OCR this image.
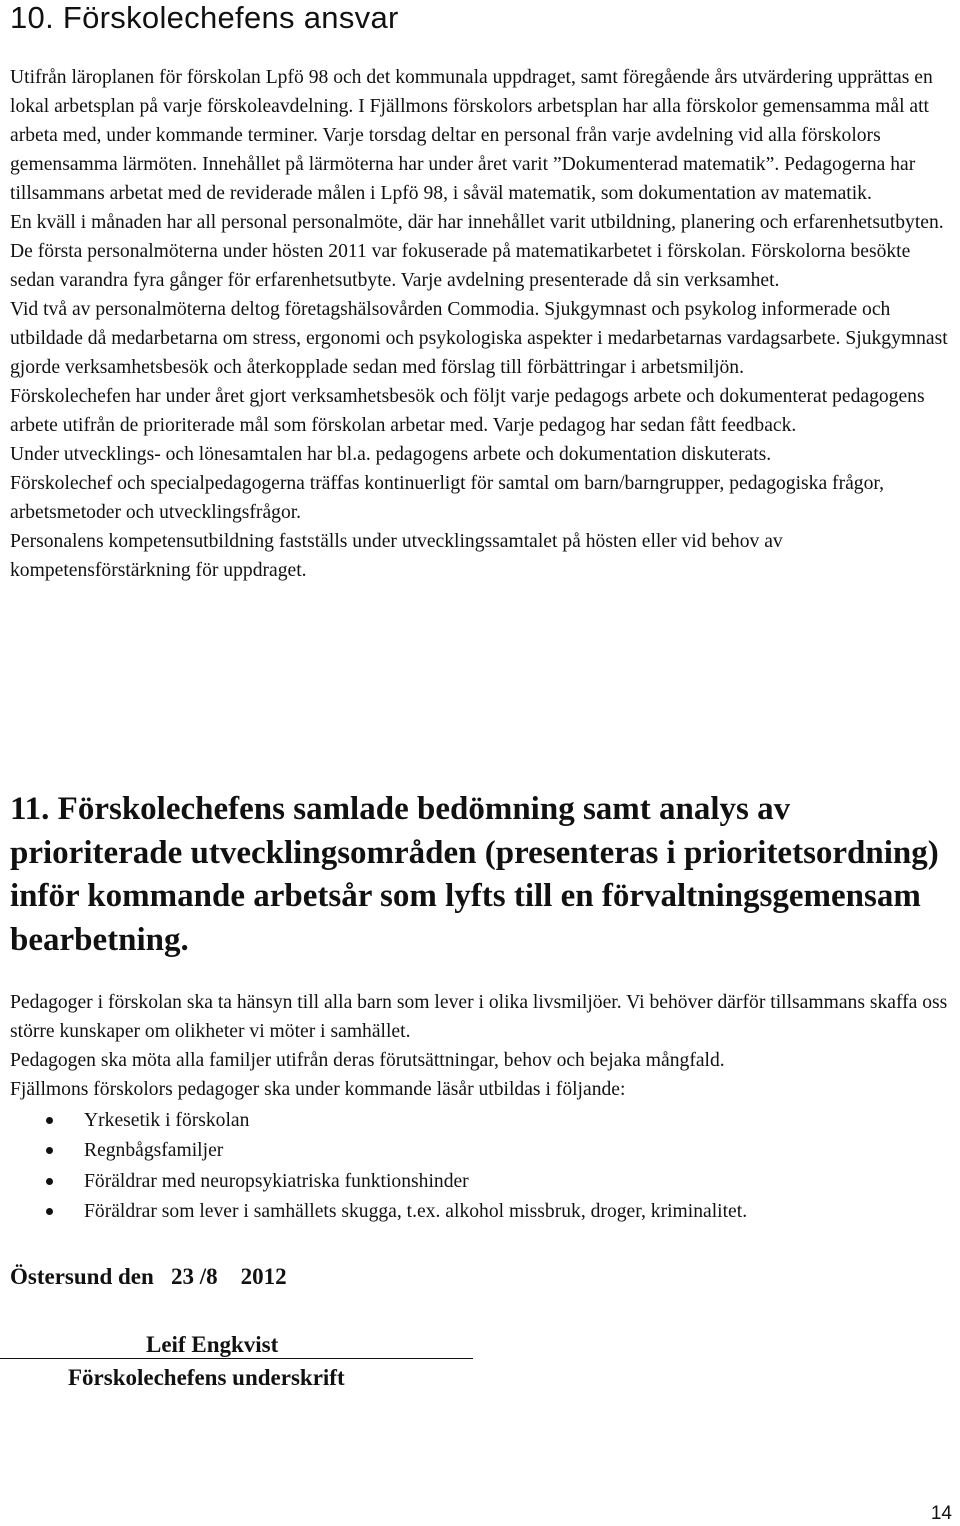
10. Förskolechefens ansvar

Utifrån läroplanen för förskolan Lpfö 98 och det kommunala uppdraget, samt föregående års utvärdering upprättas en lokal arbetsplan på varje förskoleavdelning. I Fjällmons förskolors arbetsplan har alla förskolor gemensamma mål att arbeta med, under kommande terminer. Varje torsdag deltar en personal från varje avdelning vid alla förskolors gemensamma lärmöten. Innehållet på lärmöterna har under året varit ”Dokumenterad matematik”. Pedagogerna har tillsammans arbetat med de reviderade målen i Lpfö 98, i såväl matematik, som dokumentation av matematik.

En kväll i månaden har all personal personalmöte, där har innehållet varit utbildning, planering och erfarenhetsutbyten. De första personalmöterna under hösten 2011 var fokuserade på matematikarbetet i förskolan. Förskolorna besökte sedan varandra fyra gånger för erfarenhetsutbyte. Varje avdelning presenterade då sin verksamhet.

Vid två av personalmöterna deltog företagshälsovården Commodia. Sjukgymnast och psykolog informerade och utbildade då medarbetarna om stress, ergonomi och psykologiska aspekter i medarbetarnas vardagsarbete. Sjukgymnast gjorde verksamhetsbesök och återkopplade sedan med förslag till förbättringar i arbetsmiljön.

Förskolechefen har under året gjort verksamhetsbesök och följt varje pedagogs arbete och dokumenterat pedagogens arbete utifrån de prioriterade mål som förskolan arbetar med. Varje pedagog har sedan fått feedback.

Under utvecklings- och lönesamtalen har bl.a. pedagogens arbete och dokumentation diskuterats.

Förskolechef och specialpedagogerna träffas kontinuerligt för samtal om barn/barngrupper, pedagogiska frågor, arbetsmetoder och utvecklingsfrågor.

Personalens kompetensutbildning fastställs under utvecklingssamtalet på hösten eller vid behov av kompetensförstärkning för uppdraget.

11. Förskolechefens samlade bedömning samt analys av prioriterade utvecklingsområden (presenteras i prioritetsordning) inför kommande arbetsår som lyfts till en förvaltningsgemensam bearbetning.

Pedagoger i förskolan ska ta hänsyn till alla barn som lever i olika livsmiljöer. Vi behöver därför tillsammans skaffa oss större kunskaper om olikheter vi möter i samhället.

Pedagogen ska möta alla familjer utifrån deras förutsättningar, behov och bejaka mångfald.

Fjällmons förskolors pedagoger ska under kommande läsår utbildas i följande:

Yrkesetik i förskolan
Regnbågsfamiljer
Föräldrar med neuropsykiatriska funktionshinder
Föräldrar som lever i samhällets skugga, t.ex. alkohol missbruk, droger, kriminalitet.

Östersund den   23 /8    2012

Leif Engkvist

Förskolechefens underskrift

14
